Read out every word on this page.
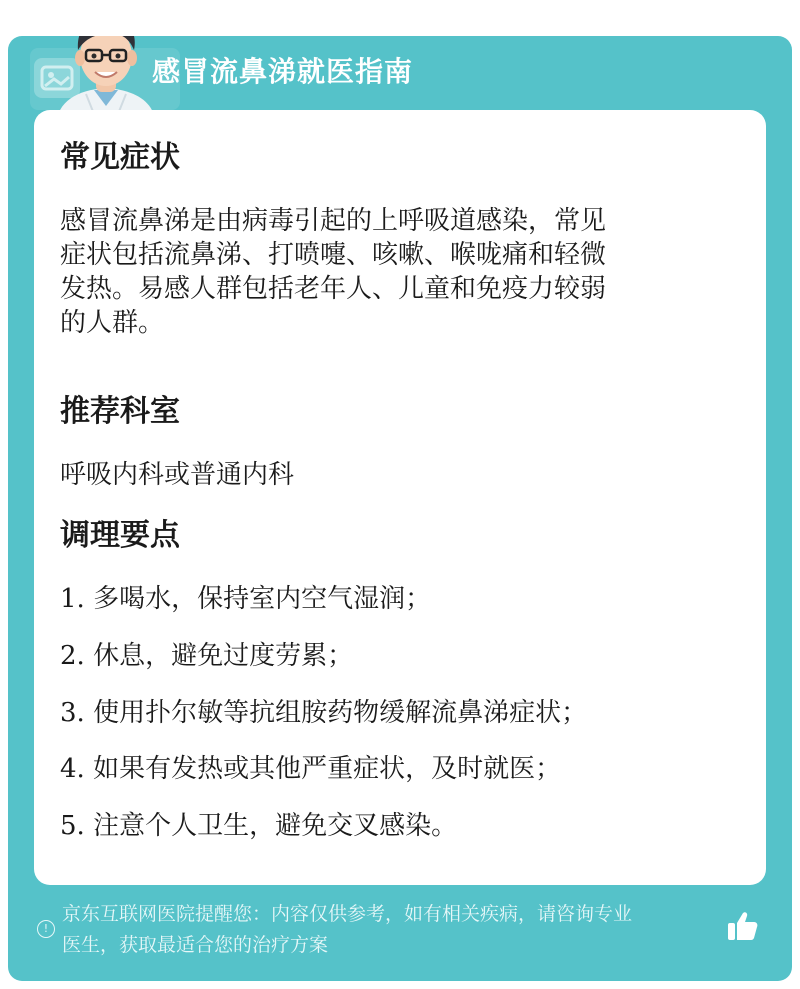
感冒流鼻涕就医指南
常见症状
感冒流鼻涕是由病毒引起的上呼吸道感染，常见
症状包括流鼻涕、打喷嚏、咳嗽、喉咙痛和轻微
发热。易感人群包括老年人、儿童和免疫力较弱
的人群。
推荐科室
呼吸内科或普通内科
调理要点
1. 多喝水，保持室内空气湿润；
2. 休息，避免过度劳累；
3. 使用扑尔敏等抗组胺药物缓解流鼻涕症状；
4. 如果有发热或其他严重症状，及时就医；
5. 注意个人卫生，避免交叉感染。
!
京东互联网医院提醒您：内容仅供参考，如有相关疾病，请咨询专业
医生，获取最适合您的治疗方案
